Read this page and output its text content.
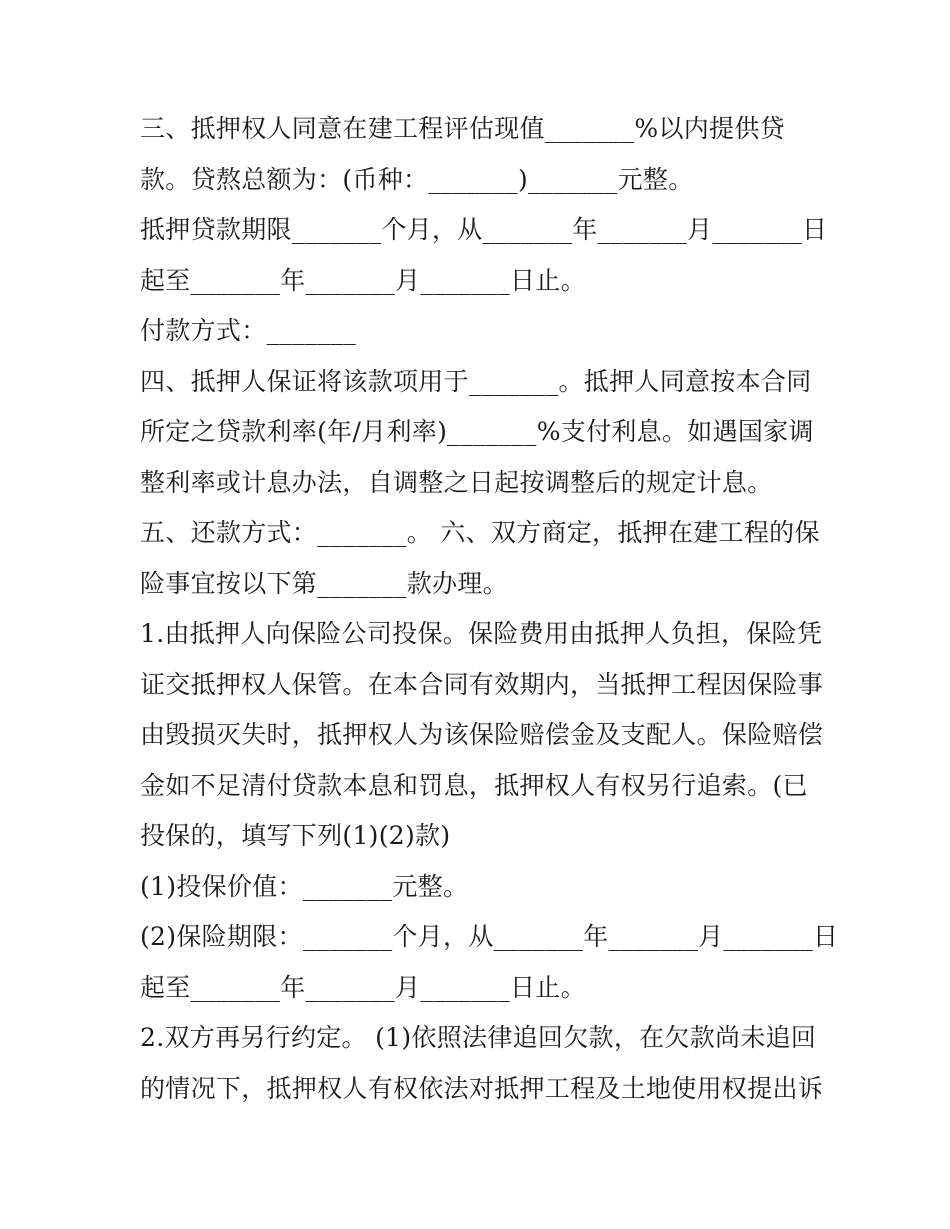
三、抵押权人同意在建工程评估现值_______%以内提供贷
款。贷熬总额为：(币种：_______)_______元整。
抵押贷款期限_______个月，从_______年_______月_______日
起至_______年_______月_______日止。
付款方式：_______
四、抵押人保证将该款项用于_______。抵押人同意按本合同
所定之贷款利率(年/月利率)_______%支付利息。如遇国家调
整利率或计息办法，自调整之日起按调整后的规定计息。
五、还款方式：_______。 六、双方商定，抵押在建工程的保
险事宜按以下第_______款办理。
1.由抵押人向保险公司投保。保险费用由抵押人负担，保险凭
证交抵押权人保管。在本合同有效期内，当抵押工程因保险事
由毁损灭失时，抵押权人为该保险赔偿金及支配人。保险赔偿
金如不足清付贷款本息和罚息，抵押权人有权另行追索。(已
投保的，填写下列(1)(2)款)
(1)投保价值：_______元整。
(2)保险期限：_______个月，从_______年_______月_______日
起至_______年_______月_______日止。
2.双方再另行约定。 (1)依照法律追回欠款，在欠款尚未追回
的情况下，抵押权人有权依法对抵押工程及土地使用权提出诉
